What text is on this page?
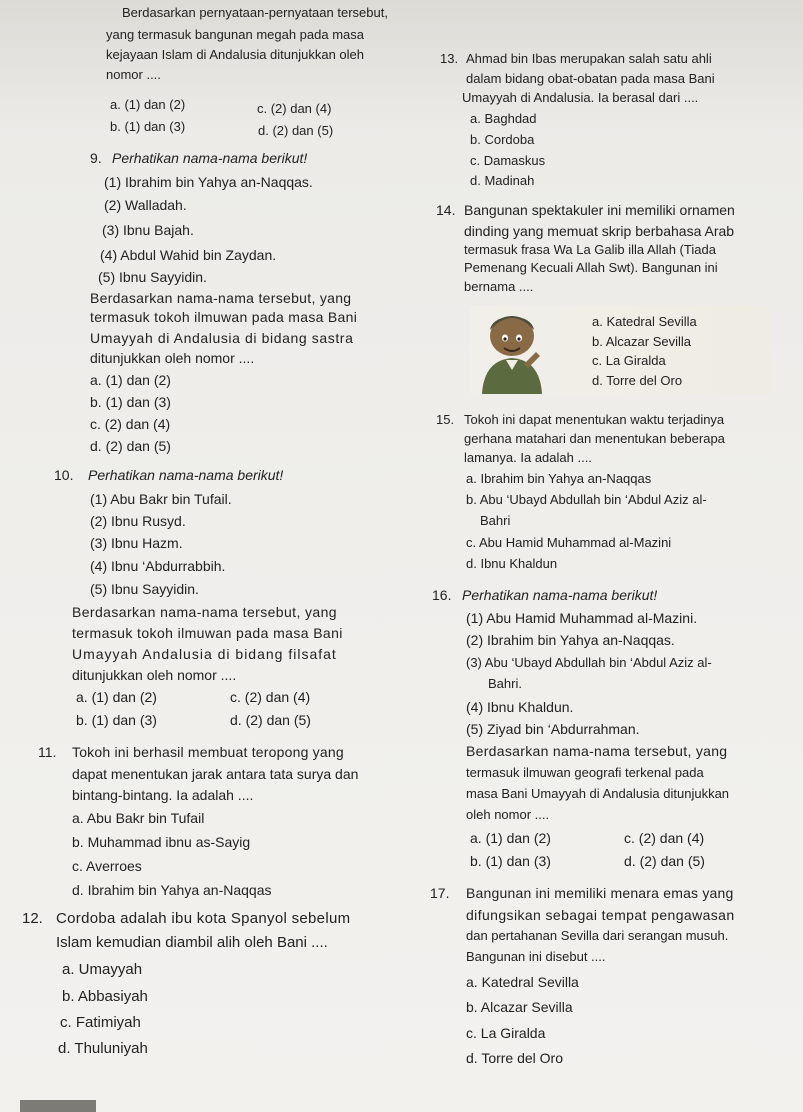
Berdasarkan pernyataan-pernyataan tersebut,
yang termasuk bangunan megah pada masa
kejayaan Islam di Andalusia ditunjukkan oleh
nomor ....
a. (1) dan (2)
b. (1) dan (3)
c. (2) dan (4)
d. (2) dan (5)
9. Perhatikan nama-nama berikut!
(1) Ibrahim bin Yahya an-Naqqas.
(2) Walladah.
(3) Ibnu Bajah.
(4) Abdul Wahid bin Zaydan.
(5) Ibnu Sayyidin.
Berdasarkan nama-nama tersebut, yang
termasuk tokoh ilmuwan pada masa Bani
Umayyah di Andalusia di bidang sastra
ditunjukkan oleh nomor ....
a. (1) dan (2)
b. (1) dan (3)
c. (2) dan (4)
d. (2) dan (5)
10. Perhatikan nama-nama berikut!
(1) Abu Bakr bin Tufail.
(2) Ibnu Rusyd.
(3) Ibnu Hazm.
(4) Ibnu ‘Abdurrabbih.
(5) Ibnu Sayyidin.
Berdasarkan nama-nama tersebut, yang
termasuk tokoh ilmuwan pada masa Bani
Umayyah Andalusia di bidang filsafat
ditunjukkan oleh nomor ....
a. (1) dan (2)
b. (1) dan (3)
c. (2) dan (4)
d. (2) dan (5)
11. Tokoh ini berhasil membuat teropong yang
dapat menentukan jarak antara tata surya dan
bintang-bintang. Ia adalah ....
a. Abu Bakr bin Tufail
b. Muhammad ibnu as-Sayig
c. Averroes
d. Ibrahim bin Yahya an-Naqqas
12. Cordoba adalah ibu kota Spanyol sebelum
Islam kemudian diambil alih oleh Bani ....
a. Umayyah
b. Abbasiyah
c. Fatimiyah
d. Thuluniyah
13. Ahmad bin Ibas merupakan salah satu ahli
dalam bidang obat-obatan pada masa Bani
Umayyah di Andalusia. Ia berasal dari ....
a. Baghdad
b. Cordoba
c. Damaskus
d. Madinah
14. Bangunan spektakuler ini memiliki ornamen
dinding yang memuat skrip berbahasa Arab
termasuk frasa Wa La Galib illa Allah (Tiada
Pemenang Kecuali Allah Swt). Bangunan ini
bernama ....
a. Katedral Sevilla
b. Alcazar Sevilla
c. La Giralda
d. Torre del Oro
15. Tokoh ini dapat menentukan waktu terjadinya
gerhana matahari dan menentukan beberapa
lamanya. Ia adalah ....
a. Ibrahim bin Yahya an-Naqqas
b. Abu ‘Ubayd Abdullah bin ‘Abdul Aziz al-
Bahri
c. Abu Hamid Muhammad al-Mazini
d. Ibnu Khaldun
16. Perhatikan nama-nama berikut!
(1) Abu Hamid Muhammad al-Mazini.
(2) Ibrahim bin Yahya an-Naqqas.
(3) Abu ‘Ubayd Abdullah bin ‘Abdul Aziz al-
Bahri.
(4) Ibnu Khaldun.
(5) Ziyad bin ‘Abdurrahman.
Berdasarkan nama-nama tersebut, yang
termasuk ilmuwan geografi terkenal pada
masa Bani Umayyah di Andalusia ditunjukkan
oleh nomor ....
a. (1) dan (2)
b. (1) dan (3)
c. (2) dan (4)
d. (2) dan (5)
17. Bangunan ini memiliki menara emas yang
difungsikan sebagai tempat pengawasan
dan pertahanan Sevilla dari serangan musuh.
Bangunan ini disebut ....
a. Katedral Sevilla
b. Alcazar Sevilla
c. La Giralda
d. Torre del Oro
